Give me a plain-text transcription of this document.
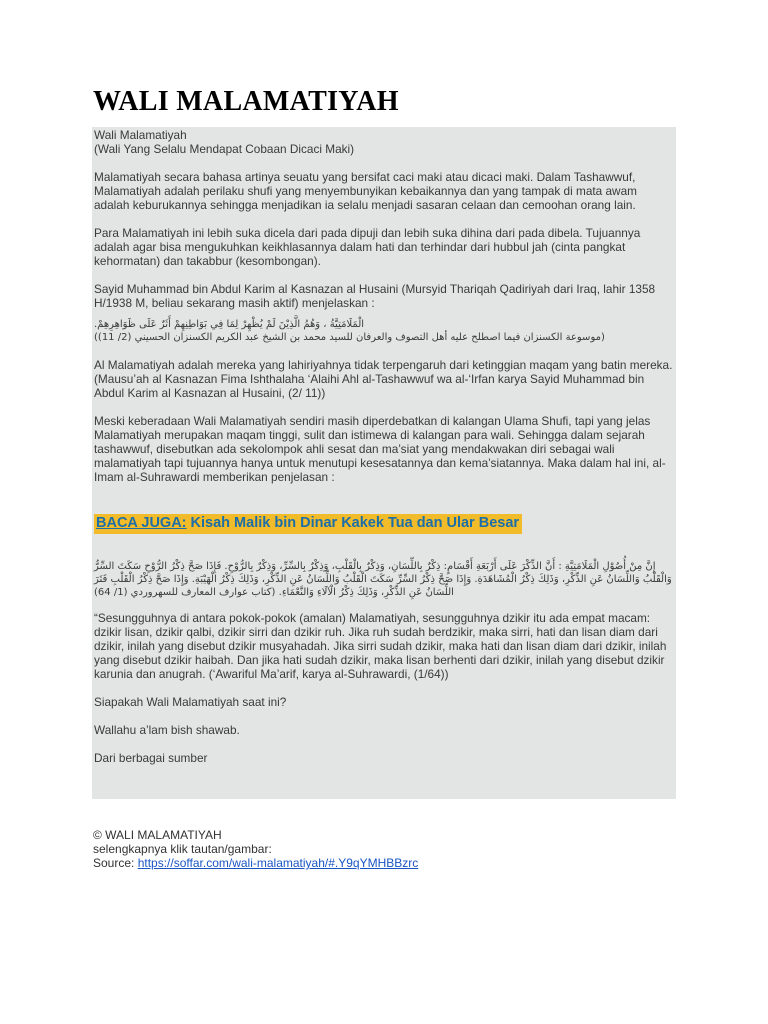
WALI MALAMATIYAH

Wali Malamatiyah
(Wali Yang Selalu Mendapat Cobaan Dicaci Maki)

Malamatiyah secara bahasa artinya seuatu yang bersifat caci maki atau dicaci maki. Dalam Tashawwuf, Malamatiyah adalah perilaku shufi yang menyembunyikan kebaikannya dan yang tampak di mata awam adalah keburukannya sehingga menjadikan ia selalu menjadi sasaran celaan dan cemoohan orang lain.

Para Malamatiyah ini lebih suka dicela dari pada dipuji dan lebih suka dihina dari pada dibela. Tujuannya adalah agar bisa mengukuhkan keikhlasannya dalam hati dan terhindar dari hubbul jah (cinta pangkat kehormatan) dan takabbur (kesombongan).

Sayid Muhammad bin Abdul Karim al Kasnazan al Husaini (Mursyid Thariqah Qadiriyah dari Iraq, lahir 1358 H/1938 M, beliau sekarang masih aktif) menjelaskan :

الْمَلَامَتِيَّةُ ، وَهُمُ الَّذِيْنَ لَمْ يُظْهِرْ لِمَا فِي بَوَاطِنِهِمْ أَثَرٌ عَلَى ظَوَاهِرِهِمْ.
(موسوعة الكسنزان فيما اصطلح عليه أهل التصوف والعرفان للسيد محمد بن الشيخ عبد الكريم الكسنزان الحسيني (2/ 11))

Al Malamatiyah adalah mereka yang lahiriyahnya tidak terpengaruh dari ketinggian maqam yang batin mereka. (Mausu’ah al Kasnazan Fima Ishthalaha ‘Alaihi Ahl al-Tashawwuf wa al-‘Irfan karya Sayid Muhammad bin Abdul Karim al Kasnazan al Husaini, (2/ 11))

Meski keberadaan Wali Malamatiyah sendiri masih diperdebatkan di kalangan Ulama Shufi, tapi yang jelas Malamatiyah merupakan maqam tinggi, sulit dan istimewa di kalangan para wali. Sehingga dalam sejarah tashawwuf, disebutkan ada sekolompok ahli sesat dan ma’siat yang mendakwakan diri sebagai wali malamatiyah tapi tujuannya hanya untuk menutupi kesesatannya dan kema’siatannya. Maka dalam hal ini, al-Imam al-Suhrawardi memberikan penjelasan :

BACA JUGA: Kisah Malik bin Dinar Kakek Tua dan Ular Besar
إِنَّ مِنْ أُصُوْلِ الْمَلَامَتِيَّةِ : أَنَّ الذِّكْرَ عَلَى أَرْبَعَةِ أَقْسَامٍ: ذِكْرٌ بِاللِّسَانِ، وَذِكْرٌ بِالْقَلْبِ، وَذِكْرٌ بِالسِّرِّ، وَذِكْرٌ بِالرُّوْحِ. فَإِذَا صَحَّ ذِكْرُ الرُّوْحِ سَكَتَ السِّرُّ وَالْقَلْبُ وَاللِّسَانُ عَنِ الذِّكْرِ، وَذَلِكَ ذِكْرُ الْمُشَاهَدَةِ. وَإِذَا صَحَّ ذِكْرُ السِّرِّ سَكَتَ الْقَلْبُ وَاللِّسَانُ عَنِ الذِّكْرِ، وَذَلِكَ ذِكْرُ الْهَيْبَةِ. وَإِذَا صَحَّ ذِكْرُ الْقَلْبِ فَتَرَ اللِّسَانُ عَنِ الذِّكْرِ، وَذَلِكَ ذِكْرُ الْآلَاءِ وَالنَّعْمَاءِ. (كتاب عوارف المعارف للسهروردي (1/ 64)

“Sesungguhnya di antara pokok-pokok (amalan) Malamatiyah, sesungguhnya dzikir itu ada empat macam: dzikir lisan, dzikir qalbi, dzikir sirri dan dzikir ruh. Jika ruh sudah berdzikir, maka sirri, hati dan lisan diam dari dzikir, inilah yang disebut dzikir musyahadah. Jika sirri sudah dzikir, maka hati dan lisan diam dari dzikir, inilah yang disebut dzikir haibah. Dan jika hati sudah dzikir, maka lisan berhenti dari dzikir, inilah yang disebut dzikir karunia dan anugrah. (‘Awariful Ma’arif, karya al-Suhrawardi, (1/64))

Siapakah Wali Malamatiyah saat ini?

Wallahu a’lam bish shawab.

Dari berbagai sumber

© WALI MALAMATIYAH
selengkapnya klik tautan/gambar:
Source: https://soffar.com/wali-malamatiyah/#.Y9qYMHBBzrc
